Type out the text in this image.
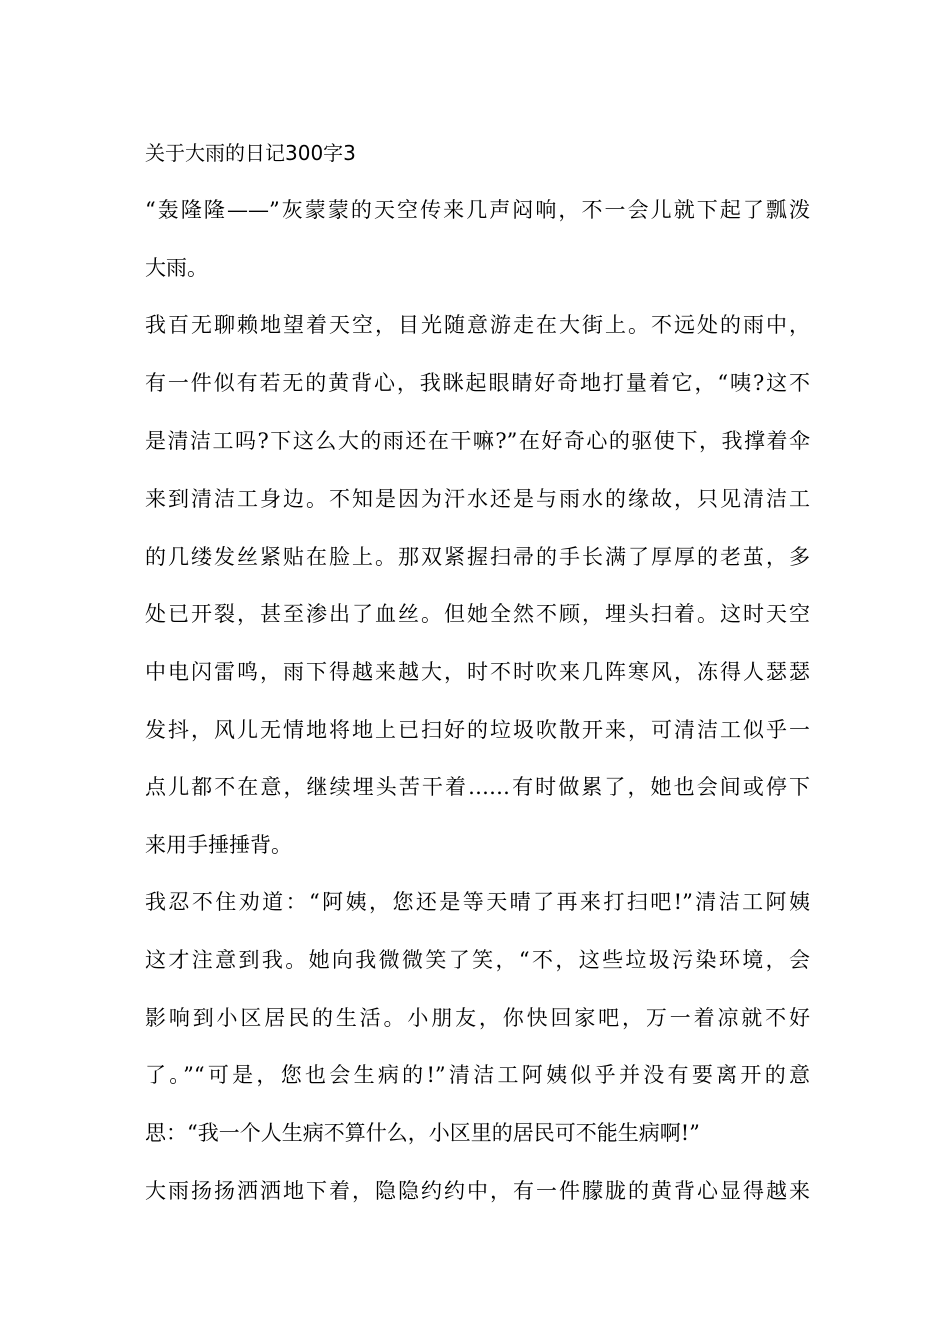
关于大雨的日记300字3
“轰隆隆——”灰蒙蒙的天空传来几声闷响，不一会儿就下起了瓢泼
大雨。
我百无聊赖地望着天空，目光随意游走在大街上。不远处的雨中，
有一件似有若无的黄背心，我眯起眼睛好奇地打量着它，“咦?这不
是清洁工吗?下这么大的雨还在干嘛?”在好奇心的驱使下，我撑着伞
来到清洁工身边。不知是因为汗水还是与雨水的缘故，只见清洁工
的几缕发丝紧贴在脸上。那双紧握扫帚的手长满了厚厚的老茧，多
处已开裂，甚至渗出了血丝。但她全然不顾，埋头扫着。这时天空
中电闪雷鸣，雨下得越来越大，时不时吹来几阵寒风，冻得人瑟瑟
发抖，风儿无情地将地上已扫好的垃圾吹散开来，可清洁工似乎一
点儿都不在意，继续埋头苦干着……有时做累了，她也会间或停下
来用手捶捶背。
我忍不住劝道：“阿姨，您还是等天晴了再来打扫吧!”清洁工阿姨
这才注意到我。她向我微微笑了笑，“不，这些垃圾污染环境，会
影响到小区居民的生活。小朋友，你快回家吧，万一着凉就不好
了。”“可是，您也会生病的!”清洁工阿姨似乎并没有要离开的意
思：“我一个人生病不算什么，小区里的居民可不能生病啊!”
大雨扬扬洒洒地下着，隐隐约约中，有一件朦胧的黄背心显得越来
